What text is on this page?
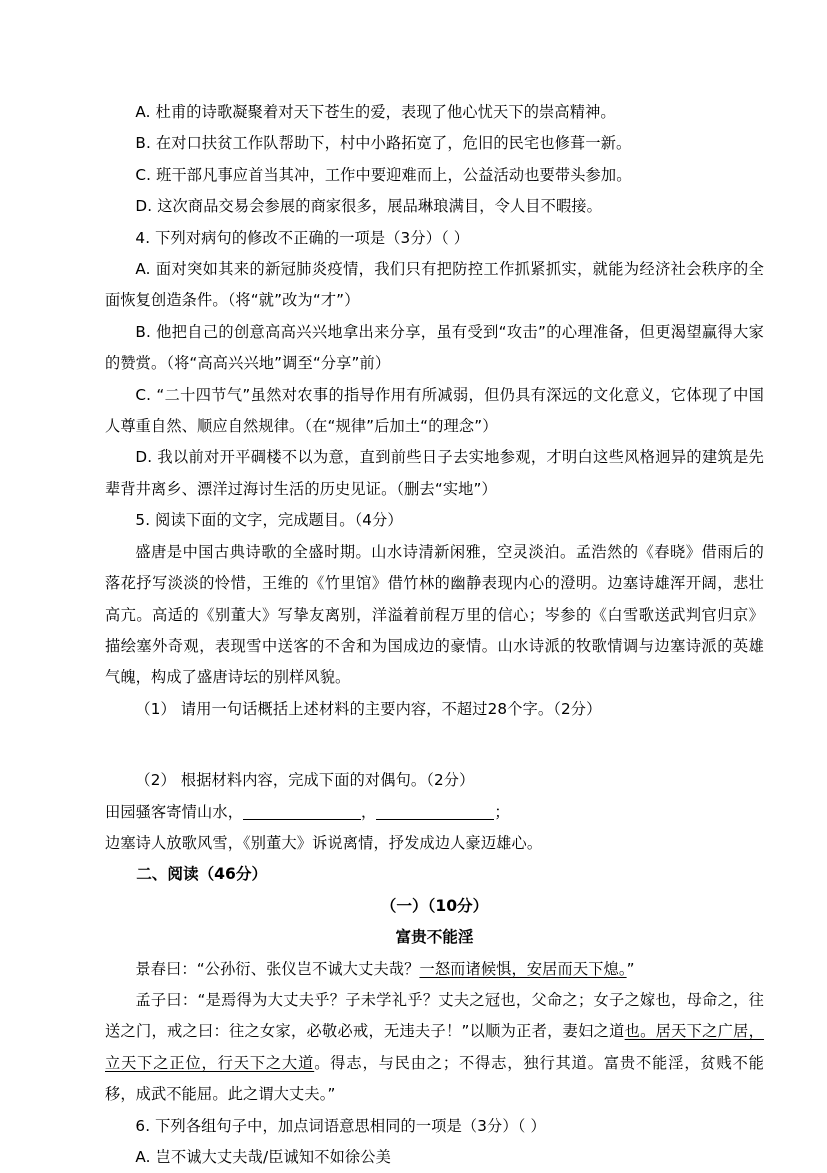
A. 杜甫的诗歌凝聚着对天下苍生的爱，表现了他心忧天下的崇高精神。
B. 在对口扶贫工作队帮助下，村中小路拓宽了，危旧的民宅也修葺一新。
C. 班干部凡事应首当其冲，工作中要迎难而上，公益活动也要带头参加。
D. 这次商品交易会参展的商家很多，展品琳琅满目，令人目不暇接。
4. 下列对病句的修改不正确的一项是（3分）（ ）
A. 面对突如其来的新冠肺炎疫情，我们只有把防控工作抓紧抓实，就能为经济社会秩序的全面恢复创造条件。（将“就”改为“才”）
B. 他把自己的创意高高兴兴地拿出来分享，虽有受到“攻击”的心理准备，但更渴望赢得大家的赞赏。（将“高高兴兴地”调至“分享”前）
C. “二十四节气”虽然对农事的指导作用有所减弱，但仍具有深远的文化意义，它体现了中国人尊重自然、顺应自然规律。（在“规律”后加土“的理念”）
D. 我以前对开平碉楼不以为意，直到前些日子去实地参观，才明白这些风格迥异的建筑是先辈背井离乡、漂洋过海讨生活的历史见证。（删去“实地”）
5. 阅读下面的文字，完成题目。（4分）
盛唐是中国古典诗歌的全盛时期。山水诗清新闲雅，空灵淡泊。孟浩然的《春晓》借雨后的落花抒写淡淡的怜惜，王维的《竹里馆》借竹林的幽静表现内心的澄明。边塞诗雄浑开阔，悲壮高亢。高适的《别董大》写挚友离别，洋溢着前程万里的信心；岑参的《白雪歌送武判官归京》描绘塞外奇观，表现雪中送客的不舍和为国成边的豪情。山水诗派的牧歌情调与边塞诗派的英雄气魄，构成了盛唐诗坛的别样风貌。
（1） 请用一句话概括上述材料的主要内容，不超过28个字。（2分）
（2） 根据材料内容，完成下面的对偶句。（2分）
田园骚客寄情山水，	，	；
边塞诗人放歌风雪，《别董大》诉说离情，抒发成边人豪迈雄心。
二、阅读（46分）
（一）（10分）
富贵不能淫
景春曰：“公孙衍、张仪岂不诚大丈夫哉？一怒而诸候惧，安居而天下熄。”
孟子曰：“是焉得为大丈夫乎？子未学礼乎？丈夫之冠也，父命之；女子之嫁也，母命之，往送之门，戒之曰：往之女家，必敬必戒，无违夫子！”以顺为正者，妻妇之道也。居天下之广居，立天下之正位，行天下之大道。得志，与民由之；不得志，独行其道。富贵不能淫，贫贱不能移，成武不能屈。此之谓大丈夫。”
6. 下列各组句子中，加点词语意思相同的一项是（3分）（ ）
A. 岂不诚大丈夫哉/臣诚知不如徐公美
